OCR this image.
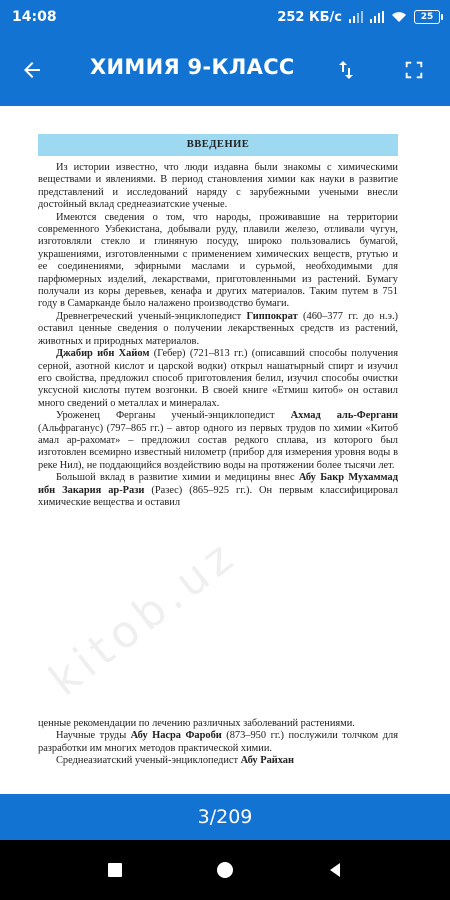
14:08	252 КБ/с	25
ХИМИЯ 9-КЛАСС
kitob.uz
ВВЕДЕНИЕ

Из истории известно, что люди издавна были знакомы с химическими веществами и явлениями. В период становления химии как науки в развитие представлений и исследований наряду с зарубежными учеными внесли достойный вклад среднеазиатские ученые.

Имеются сведения о том, что народы, проживавшие на территории современного Узбекистана, добывали руду, плавили железо, отливали чугун, изготовляли стекло и глиняную посуду, широко пользовались бумагой, украшениями, изготовленными с применением химических веществ, ртутью и ее соединениями, эфирными маслами и сурьмой, необходимыми для парфюмерных изделий, лекарствами, приготовленными из растений. Бумагу получали из коры деревьев, кенафа и других материалов. Таким путем в 751 году в Самарканде было налажено производство бумаги.

Древнегреческий ученый-энциклопедист Гиппократ (460–377 гг. до н.э.) оставил ценные сведения о получении лекарственных средств из растений, животных и природных материалов.

Джабир ибн Хайом (Гебер) (721–813 гг.) (описавший способы получения серной, азотной кислот и царской водки) открыл нашатырный спирт и изучил его свойства, предложил способ приготовления белил, изучил способы очистки уксусной кислоты путем возгонки. В своей книге «Етмиш китоб» он оставил много сведений о металлах и минералах.

Уроженец Ферганы ученый-энциклопедист Ахмад аль-Фергани (Альфраганус) (797–865 гг.) – автор одного из первых трудов по химии «Китоб амал ар-рахомат» – предложил состав редкого сплава, из которого был изготовлен всемирно известный нилометр (прибор для измерения уровня воды в реке Нил), не поддающийся воздействию воды на протяжении более тысячи лет.

Большой вклад в развитие химии и медицины внес Абу Бакр Мухаммад ибн Закария ар-Рази (Разес) (865–925 гг.). Он первым классифицировал химические вещества и оставил

ценные рекомендации по лечению различных заболеваний растениями.

Научные труды Абу Насра Фароби (873–950 гг.) послужили толчком для разработки им многих методов практической химии.

Среднеазиатский ученый-энциклопедист Абу Райхан

3/209
